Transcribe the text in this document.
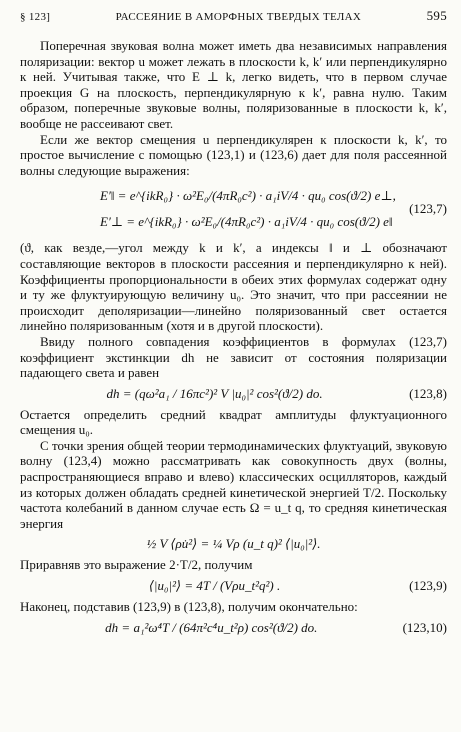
§ 123]	РАССЕЯНИЕ В АМОРФНЫХ ТВЕРДЫХ ТЕЛАХ	595

Поперечная звуковая волна может иметь два независимых направления поляризации: вектор u может лежать в плоскости k, k′ или перпендикулярно к ней. Учитывая также, что E ⊥ k, легко видеть, что в первом случае проекция G на плоскость, перпендикулярную к k′, равна нулю. Таким образом, поперечные звуковые волны, поляризованные в плоскости k, k′, вообще не рассеивают свет.

Если же вектор смещения u перпендикулярен к плоскости k, k′, то простое вычисление с помощью (123,1) и (123,6) дает для поля рассеянной волны следующие выражения:

E′‖ = e^{ikR₀} · ω²E₀/(4πR₀c²) · a₁iV/4 · qu₀ cos(ϑ/2) e⊥,
E′⊥ = e^{ikR₀} · ω²E₀/(4πR₀c²) · a₁iV/4 · qu₀ cos(ϑ/2) e‖
(123,7)

(ϑ, как везде,—угол между k и k′, а индексы ‖ и ⊥ обозначают составляющие векторов в плоскости рассеяния и перпендикулярно к ней). Коэффициенты пропорциональности в обеих этих формулах содержат одну и ту же флуктуирующую величину u₀. Это значит, что при рассеянии не происходит деполяризации—линейно поляризованный свет остается линейно поляризованным (хотя и в другой плоскости).

Ввиду полного совпадения коэффициентов в формулах (123,7) коэффициент экстинкции dh не зависит от состояния поляризации падающего света и равен

dh = (qω²a₁ / 16πc²)² V |u₀|² cos²(ϑ/2) do.	(123,8)

Остается определить средний квадрат амплитуды флуктуационного смещения u₀.

С точки зрения общей теории термодинамических флуктуаций, звуковую волну (123,4) можно рассматривать как совокупность двух (волны, распространяющиеся вправо и влево) классических осцилляторов, каждый из которых должен обладать средней кинетической энергией T/2. Поскольку частота колебаний в данном случае есть Ω = u_t q, то средняя кинетическая энергия

½ V ⟨ρu̇²⟩ = ¼ Vρ (u_t q)² ⟨|u₀|²⟩.

Приравняв это выражение 2·T/2, получим

⟨|u₀|²⟩ = 4T / (Vρu_t²q²) .	(123,9)

Наконец, подставив (123,9) в (123,8), получим окончательно:

dh = a₁²ω⁴T / (64π²c⁴u_t²ρ) cos²(ϑ/2) do.	(123,10)
